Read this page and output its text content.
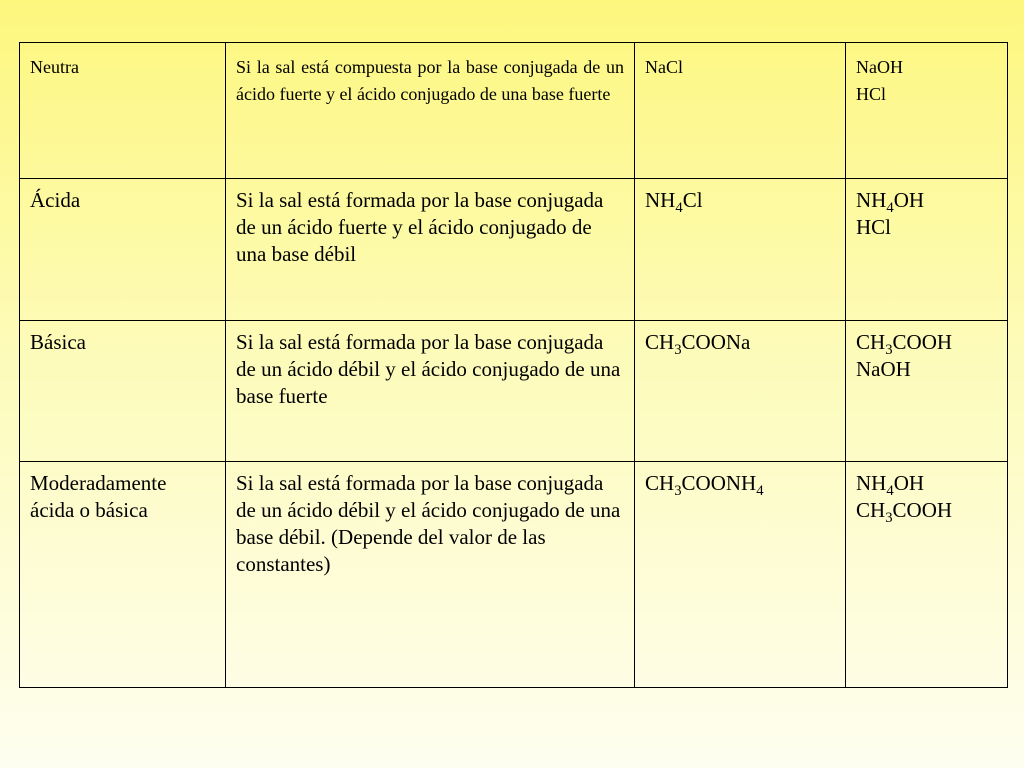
Neutra	Si la sal está compuesta por la base conjugada de un ácido fuerte y el ácido conjugado de una base fuerte	NaCl	NaOH
HCl

Ácida	Si la sal está formada por la base conjugada de un ácido fuerte y el ácido conjugado de una base débil	$NH_4Cl$	$NH_4OH$
HCl

Básica	Si la sal está formada por la base conjugada de un ácido débil y el ácido conjugado de una base fuerte	$CH_3COONa$	$CH_3COOH$
NaOH

Moderadamente ácida o básica	Si la sal está formada por la base conjugada de un ácido débil y el ácido conjugado de una base débil. (Depende del valor de las constantes)	$CH_3COONH_4$	$NH_4OH$
$CH_3COOH$
